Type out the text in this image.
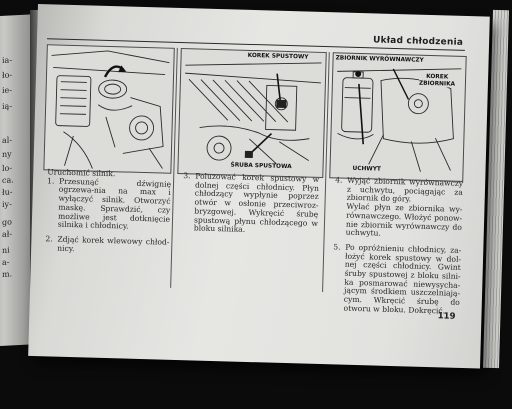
ia-
ło-
ie-
ią-
al-
ny
lo-
ca.
łu-
iy-
go
ał-
ni
a-
m.
Układ chłodzenia
KOREK SPUSTOWY
ŚRUBA SPUSTOWA
ZBIORNIK WYRÓWNAWCZY
KOREK
ZBIORNIKA
UCHWYT
Uruchomić silnik.
1. Przesunąć dźwignię ogrzewa-nia na max i wyłączyć silnik. Otworzyć maskę. Sprawdzić, czy możliwe jest dotknięcie silnika i chłodnicy.
2. Zdjąć korek wlewowy chłod-nicy.
3. Poluzować korek spustowy w dolnej części chłodnicy. Płyn chłodzący wypłynie poprzez otwór w osłonie przeciwroz-bryzgowej. Wykręcić śrubę spustową płynu chłodzącego w bloku silnika.
4. Wyjąć zbiornik wyrównawczy z uchwytu, pociągając za zbiornik do góry.
Wylać płyn ze zbiornika wy-równawczego. Włożyć ponow-nie zbiornik wyrównawczy do uchwytu.
5. Po opróżnieniu chłodnicy, za-łożyć korek spustowy w dol-nej części chłodnicy. Gwint śruby spustowej z bloku silni-ka posmarować niewysycha-jącym środkiem uszczelniają-cym. Wkręcić śrubę do otworu w bloku. Dokręcić.
119
